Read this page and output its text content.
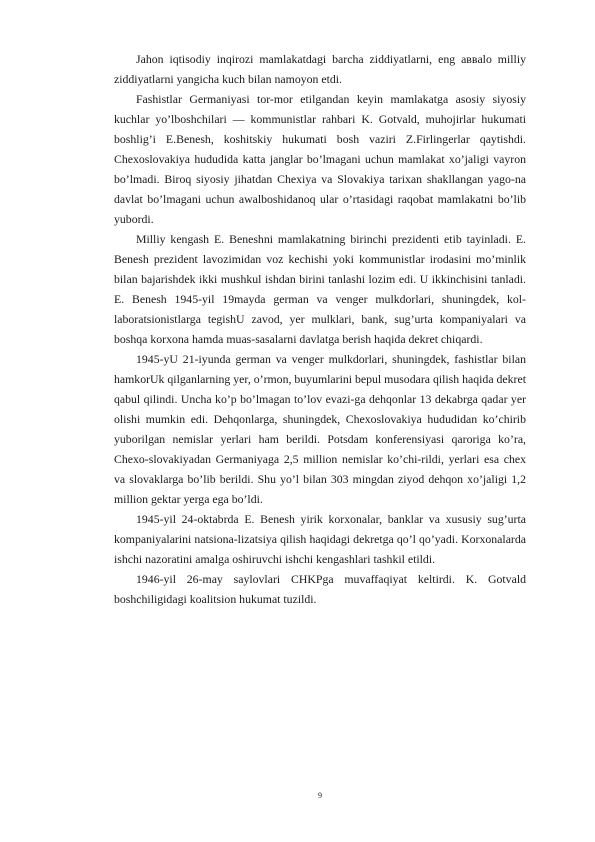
Jahon iqtisodiy inqirozi mamlakatdagi barcha ziddiyatlarni, eng aввalo milliy ziddiyatlarni yangicha kuch bilan namoyon etdi.

Fashistlar Germaniyasi tor-mor etilgandan keyin mamlakatga asosiy siyosiy kuchlar yo’lboshchilari — kommunistlar rahbari K. Gotvald, muhojirlar hukumati boshlig’i E.Benesh, koshitskiy hukumati bosh vaziri Z.Firlingerlar qaytishdi. Chexoslovakiya hududida katta janglar bo’lmagani uchun mamlakat xo’jaligi vayron bo’lmadi. Biroq siyosiy jihatdan Chexiya va Slovakiya tarixan shakllangan yago-na davlat bo’lmagani uchun awalboshidanoq ular o’rtasidagi raqobat mamlakatni bo’lib yubordi.

Milliy kengash E. Beneshni mamlakatning birinchi prezidenti etib tayinladi. E. Benesh prezident lavozimidan voz kechishi yoki kommunistlar irodasini mo’minlik bilan bajarishdek ikki mushkul ishdan birini tanlashi lozim edi. U ikkinchisini tanladi. E. Benesh 1945-yil 19mayda german va venger mulkdorlari, shuningdek, kol-laboratsionistlarga tegishU zavod, yer mulklari, bank, sug’urta kompaniyalari va boshqa korxona hamda muas-sasalarni davlatga berish haqida dekret chiqardi.

1945-yU 21-iyunda german va venger mulkdorlari, shuningdek, fashistlar bilan hamkorUk qilganlarning yer, o’rmon, buyumlarini bepul musodara qilish haqida dekret qabul qilindi. Uncha ko’p bo’lmagan to’lov evazi-ga dehqonlar 13 dekabrga qadar yer olishi mumkin edi. Dehqonlarga, shuningdek, Chexoslovakiya hududidan ko’chirib yuborilgan nemislar yerlari ham berildi. Potsdam konferensiyasi qaroriga ko’ra, Chexo-slovakiyadan Germaniyaga 2,5 million nemislar ko’chi-rildi, yerlari esa chex va slovaklarga bo’lib berildi. Shu yo’l bilan 303 mingdan ziyod dehqon xo’jaligi 1,2 million gektar yerga ega bo’ldi.

1945-yil 24-oktabrda E. Benesh yirik korxonalar, banklar va xususiy sug’urta kompaniyalarini natsiona-lizatsiya qilish haqidagi dekretga qo’l qo’yadi. Korxonalarda ishchi nazoratini amalga oshiruvchi ishchi kengashlari tashkil etildi.

1946-yil 26-may saylovlari CHKPga muvaffaqiyat keltirdi. K. Gotvald boshchiligidagi koalitsion hukumat tuzildi.

9
